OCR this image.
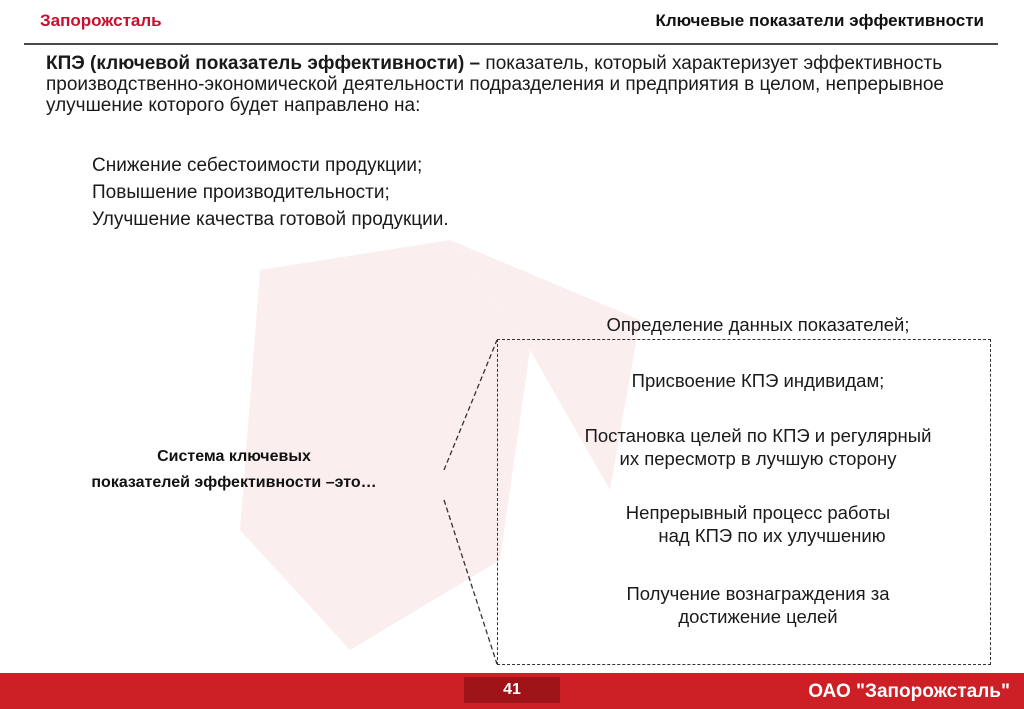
Запорожсталь	Ключевые показатели эффективности
КПЭ (ключевой показатель эффективности) – показатель, который характеризует эффективность производственно-экономической деятельности подразделения и предприятия в целом, непрерывное улучшение которого будет направлено на:
Снижение себестоимости продукции;
Повышение производительности;
Улучшение качества готовой продукции.
Система ключевых
показателей эффективности –это…
Определение данных показателей;
Присвоение КПЭ индивидам;
Постановка целей по КПЭ и регулярный
их пересмотр в лучшую сторону
Непрерывный процесс работы
над КПЭ по их улучшению
Получение вознаграждения за
достижение целей
41	ОАО "Запорожсталь"
